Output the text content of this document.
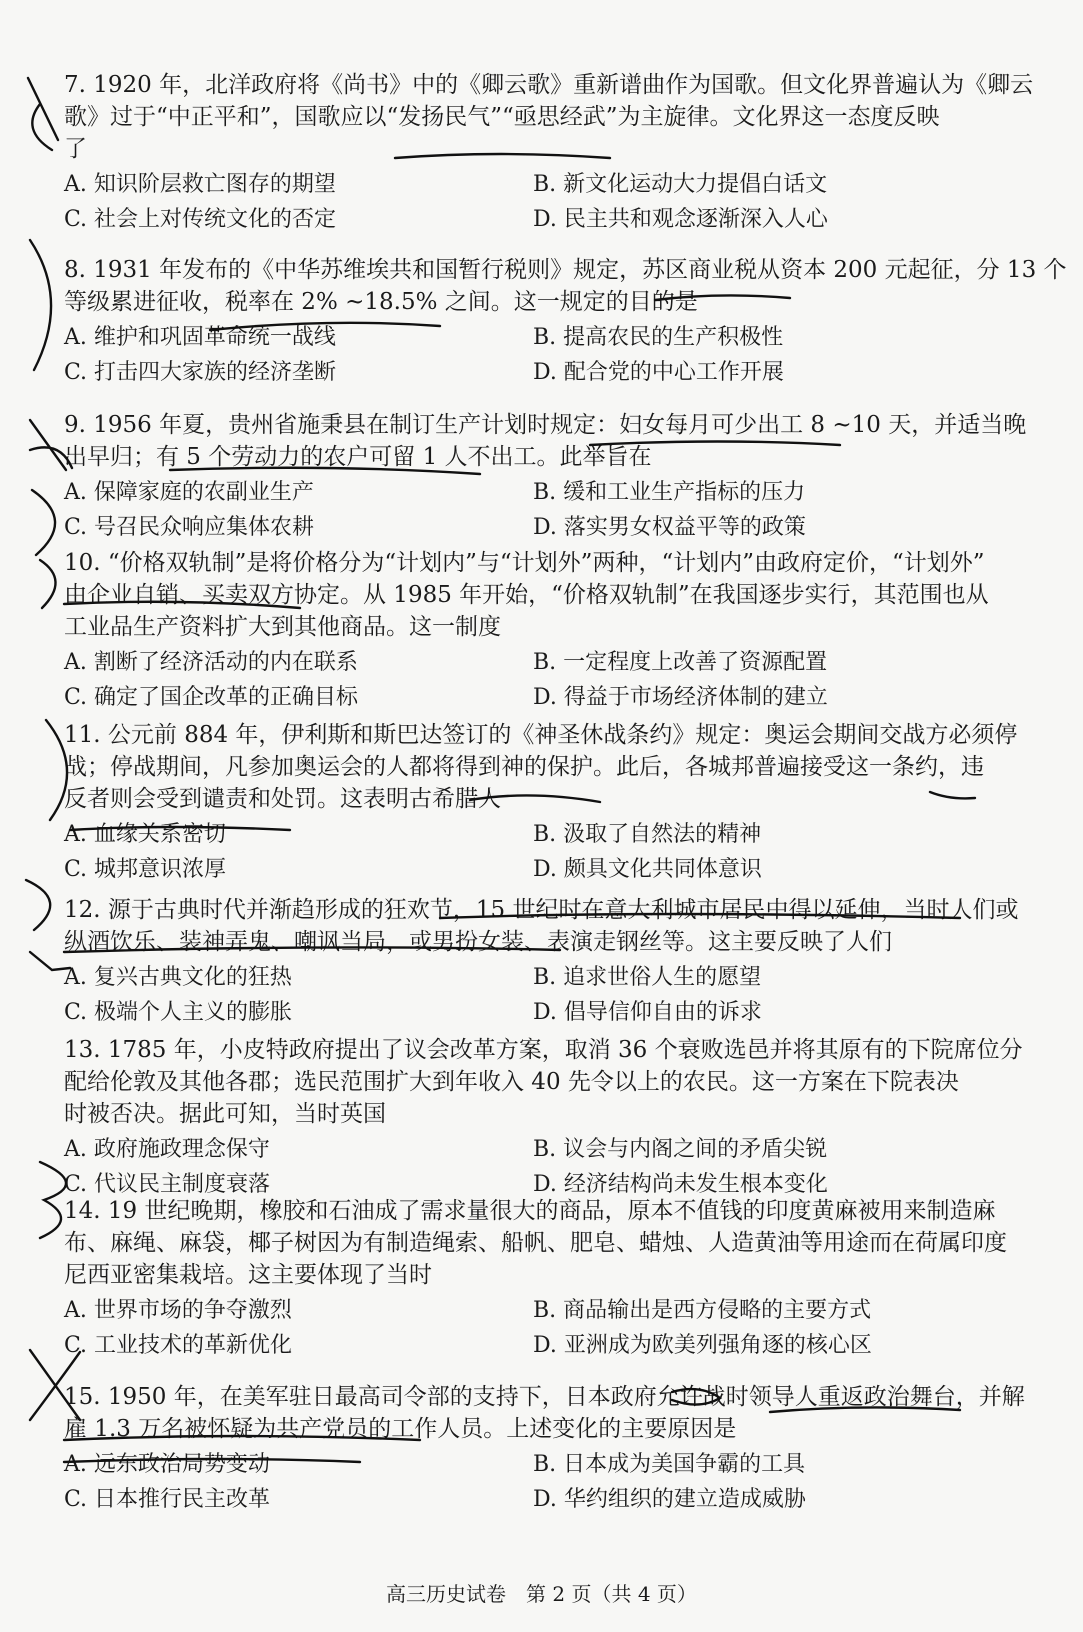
7. 1920 年，北洋政府将《尚书》中的《卿云歌》重新谱曲作为国歌。但文化界普遍认为《卿云
歌》过于“中正平和”，国歌应以“发扬民气”“亟思经武”为主旋律。文化界这一态度反映
了
A. 知识阶层救亡图存的期望	B. 新文化运动大力提倡白话文
C. 社会上对传统文化的否定	D. 民主共和观念逐渐深入人心
8. 1931 年发布的《中华苏维埃共和国暂行税则》规定，苏区商业税从资本 200 元起征，分 13 个
等级累进征收，税率在 2% ~18.5% 之间。这一规定的目的是
A. 维护和巩固革命统一战线	B. 提高农民的生产积极性
C. 打击四大家族的经济垄断	D. 配合党的中心工作开展
9. 1956 年夏，贵州省施秉县在制订生产计划时规定：妇女每月可少出工 8 ~10 天，并适当晚
出早归；有 5 个劳动力的农户可留 1 人不出工。此举旨在
A. 保障家庭的农副业生产	B. 缓和工业生产指标的压力
C. 号召民众响应集体农耕	D. 落实男女权益平等的政策
10. “价格双轨制”是将价格分为“计划内”与“计划外”两种，“计划内”由政府定价，“计划外”
由企业自销、买卖双方协定。从 1985 年开始，“价格双轨制”在我国逐步实行，其范围也从
工业品生产资料扩大到其他商品。这一制度
A. 割断了经济活动的内在联系	B. 一定程度上改善了资源配置
C. 确定了国企改革的正确目标	D. 得益于市场经济体制的建立
11. 公元前 884 年，伊利斯和斯巴达签订的《神圣休战条约》规定：奥运会期间交战方必须停
战；停战期间，凡参加奥运会的人都将得到神的保护。此后，各城邦普遍接受这一条约，违
反者则会受到谴责和处罚。这表明古希腊人
A. 血缘关系密切	B. 汲取了自然法的精神
C. 城邦意识浓厚	D. 颇具文化共同体意识
12. 源于古典时代并渐趋形成的狂欢节，15 世纪时在意大利城市居民中得以延伸，当时人们或
纵酒饮乐、装神弄鬼、嘲讽当局，或男扮女装、表演走钢丝等。这主要反映了人们
A. 复兴古典文化的狂热	B. 追求世俗人生的愿望
C. 极端个人主义的膨胀	D. 倡导信仰自由的诉求
13. 1785 年，小皮特政府提出了议会改革方案，取消 36 个衰败选邑并将其原有的下院席位分
配给伦敦及其他各郡；选民范围扩大到年收入 40 先令以上的农民。这一方案在下院表决
时被否决。据此可知，当时英国
A. 政府施政理念保守	B. 议会与内阁之间的矛盾尖锐
C. 代议民主制度衰落	D. 经济结构尚未发生根本变化
14. 19 世纪晚期，橡胶和石油成了需求量很大的商品，原本不值钱的印度黄麻被用来制造麻
布、麻绳、麻袋，椰子树因为有制造绳索、船帆、肥皂、蜡烛、人造黄油等用途而在荷属印度
尼西亚密集栽培。这主要体现了当时
A. 世界市场的争夺激烈	B. 商品输出是西方侵略的主要方式
C. 工业技术的革新优化	D. 亚洲成为欧美列强角逐的核心区
15. 1950 年，在美军驻日最高司令部的支持下，日本政府允许战时领导人重返政治舞台，并解
雇 1.3 万名被怀疑为共产党员的工作人员。上述变化的主要原因是
A. 远东政治局势变动	B. 日本成为美国争霸的工具
C. 日本推行民主改革	D. 华约组织的建立造成威胁
高三历史试卷　第 2 页（共 4 页）
